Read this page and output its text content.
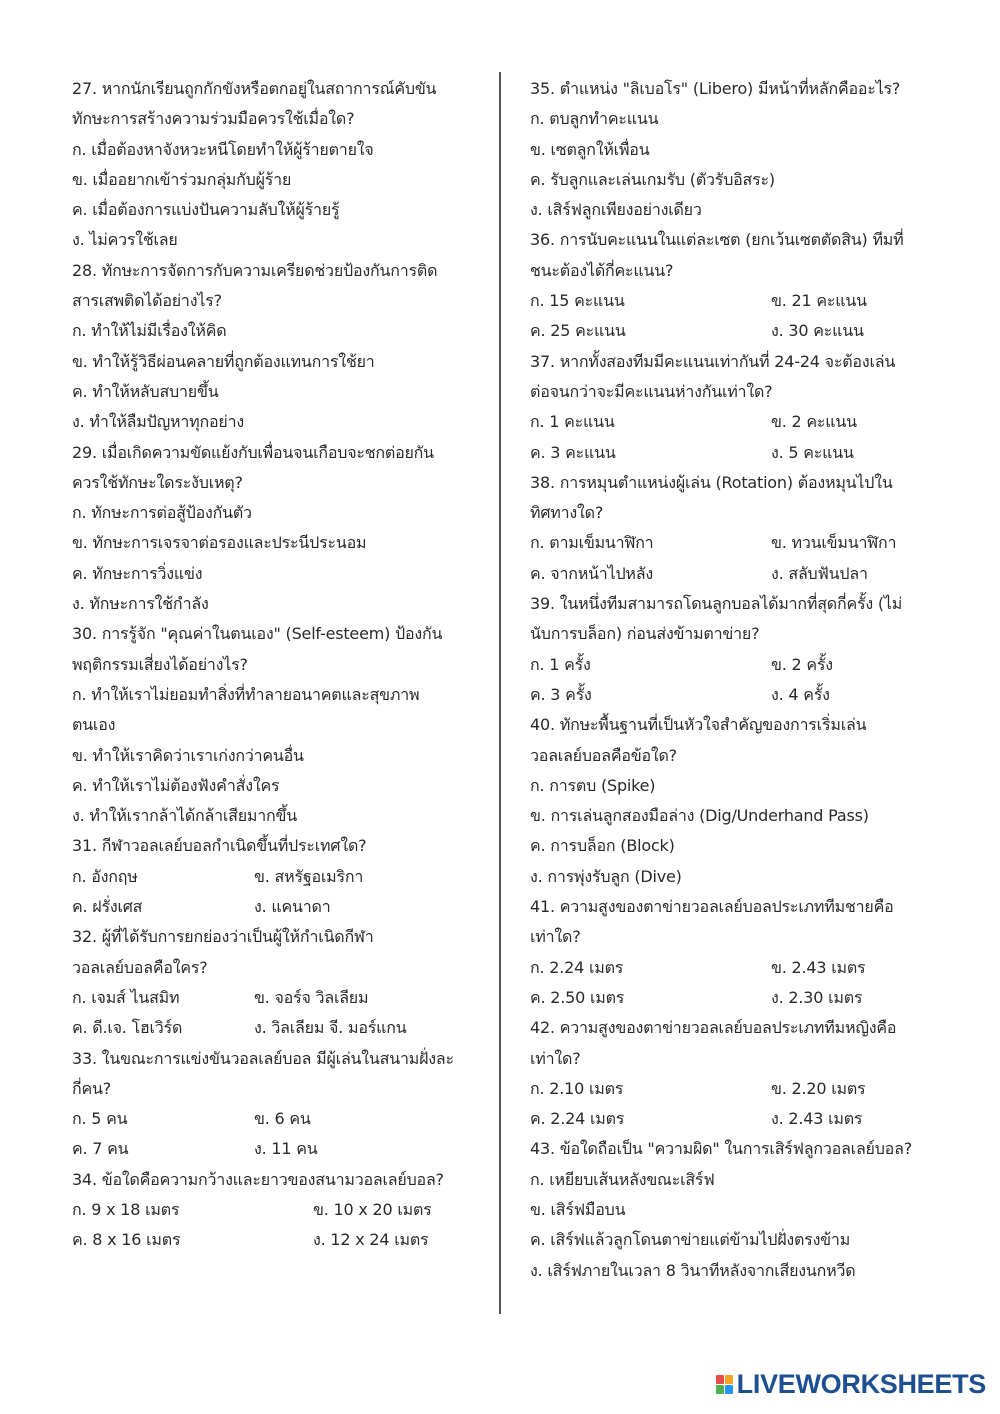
27. หากนักเรียนถูกกักขังหรือตกอยู่ในสถาการณ์คับขัน
ทักษะการสร้างความร่วมมือควรใช้เมื่อใด?
ก. เมื่อต้องหาจังหวะหนีโดยทำให้ผู้ร้ายตายใจ
ข. เมื่ออยากเข้าร่วมกลุ่มกับผู้ร้าย
ค. เมื่อต้องการแบ่งปันความลับให้ผู้ร้ายรู้
ง. ไม่ควรใช้เลย
28. ทักษะการจัดการกับความเครียดช่วยป้องกันการติด
สารเสพติดได้อย่างไร?
ก. ทำให้ไม่มีเรื่องให้คิด
ข. ทำให้รู้วิธีผ่อนคลายที่ถูกต้องแทนการใช้ยา
ค. ทำให้หลับสบายขึ้น
ง. ทำให้ลืมปัญหาทุกอย่าง
29. เมื่อเกิดความขัดแย้งกับเพื่อนจนเกือบจะชกต่อยกัน
ควรใช้ทักษะใดระงับเหตุ?
ก. ทักษะการต่อสู้ป้องกันตัว
ข. ทักษะการเจรจาต่อรองและประนีประนอม
ค. ทักษะการวิ่งแข่ง
ง. ทักษะการใช้กำลัง
30. การรู้จัก "คุณค่าในตนเอง" (Self-esteem) ป้องกัน
พฤติกรรมเสี่ยงได้อย่างไร?
ก. ทำให้เราไม่ยอมทำสิ่งที่ทำลายอนาคตและสุขภาพ
ตนเอง
ข. ทำให้เราคิดว่าเราเก่งกว่าคนอื่น
ค. ทำให้เราไม่ต้องฟังคำสั่งใคร
ง. ทำให้เรากล้าได้กล้าเสียมากขึ้น
31. กีฬาวอลเลย์บอลกำเนิดขึ้นที่ประเทศใด?
ก. อังกฤษ	ข. สหรัฐอเมริกา
ค. ฝรั่งเศส	ง. แคนาดา
32. ผู้ที่ได้รับการยกย่องว่าเป็นผู้ให้กำเนิดกีฬา
วอลเลย์บอลคือใคร?
ก. เจมส์ ไนสมิท	ข. จอร์จ วิลเลียม
ค. ดี.เจ. โฮเวิร์ด	ง. วิลเลียม จี. มอร์แกน
33. ในขณะการแข่งขันวอลเลย์บอล มีผู้เล่นในสนามฝั่งละ
กี่คน?
ก. 5 คน	ข. 6 คน
ค. 7 คน	ง. 11 คน
34. ข้อใดคือความกว้างและยาวของสนามวอลเลย์บอล?
ก. 9 x 18 เมตร	ข. 10 x 20 เมตร
ค. 8 x 16 เมตร	ง. 12 x 24 เมตร
35. ตำแหน่ง "ลิเบอโร" (Libero) มีหน้าที่หลักคืออะไร?
ก. ตบลูกทำคะแนน
ข. เซตลูกให้เพื่อน
ค. รับลูกและเล่นเกมรับ (ตัวรับอิสระ)
ง. เสิร์ฟลูกเพียงอย่างเดียว
36. การนับคะแนนในแต่ละเซต (ยกเว้นเซตตัดสิน) ทีมที่
ชนะต้องได้กี่คะแนน?
ก. 15 คะแนน	ข. 21 คะแนน
ค. 25 คะแนน	ง. 30 คะแนน
37. หากทั้งสองทีมมีคะแนนเท่ากันที่ 24-24 จะต้องเล่น
ต่อจนกว่าจะมีคะแนนห่างกันเท่าใด?
ก. 1 คะแนน	ข. 2 คะแนน
ค. 3 คะแนน	ง. 5 คะแนน
38. การหมุนตำแหน่งผู้เล่น (Rotation) ต้องหมุนไปใน
ทิศทางใด?
ก. ตามเข็มนาฬิกา	ข. ทวนเข็มนาฬิกา
ค. จากหน้าไปหลัง	ง. สลับฟันปลา
39. ในหนึ่งทีมสามารถโดนลูกบอลได้มากที่สุดกี่ครั้ง (ไม่
นับการบล็อก) ก่อนส่งข้ามตาข่าย?
ก. 1 ครั้ง	ข. 2 ครั้ง
ค. 3 ครั้ง	ง. 4 ครั้ง
40. ทักษะพื้นฐานที่เป็นหัวใจสำคัญของการเริ่มเล่น
วอลเลย์บอลคือข้อใด?
ก. การตบ (Spike)
ข. การเล่นลูกสองมือล่าง (Dig/Underhand Pass)
ค. การบล็อก (Block)
ง. การพุ่งรับลูก (Dive)
41. ความสูงของตาข่ายวอลเลย์บอลประเภททีมชายคือ
เท่าใด?
ก. 2.24 เมตร	ข. 2.43 เมตร
ค. 2.50 เมตร	ง. 2.30 เมตร
42. ความสูงของตาข่ายวอลเลย์บอลประเภททีมหญิงคือ
เท่าใด?
ก. 2.10 เมตร	ข. 2.20 เมตร
ค. 2.24 เมตร	ง. 2.43 เมตร
43. ข้อใดถือเป็น "ความผิด" ในการเสิร์ฟลูกวอลเลย์บอล?
ก. เหยียบเส้นหลังขณะเสิร์ฟ
ข. เสิร์ฟมือบน
ค. เสิร์ฟแล้วลูกโดนตาข่ายแต่ข้ามไปฝั่งตรงข้าม
ง. เสิร์ฟภายในเวลา 8 วินาทีหลังจากเสียงนกหวีด
LIVEWORKSHEETS
